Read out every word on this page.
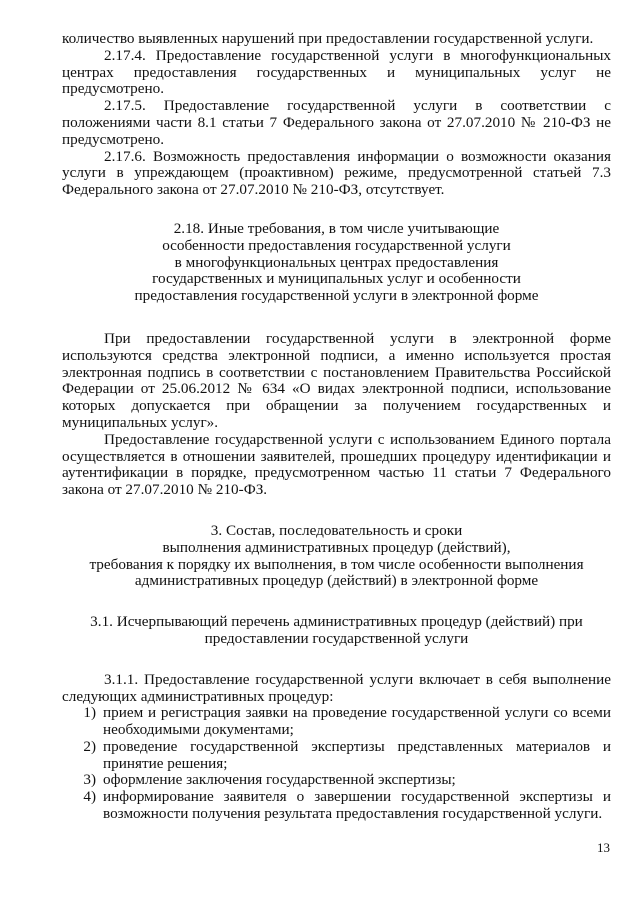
количество выявленных нарушений при предоставлении государственной услуги.

2.17.4. Предоставление государственной услуги в многофункциональных центрах предоставления государственных и муниципальных услуг не предусмотрено.

2.17.5. Предоставление государственной услуги в соответствии с положениями части 8.1 статьи 7 Федерального закона от 27.07.2010 № 210-ФЗ не предусмотрено.

2.17.6. Возможность предоставления информации о возможности оказания услуги в упреждающем (проактивном) режиме, предусмотренной статьей 7.3 Федерального закона от 27.07.2010 № 210-ФЗ, отсутствует.

2.18. Иные требования, в том числе учитывающие
особенности предоставления государственной услуги
в многофункциональных центрах предоставления
государственных и муниципальных услуг и особенности
предоставления государственной услуги в электронной форме

При предоставлении государственной услуги в электронной форме используются средства электронной подписи, а именно используется простая электронная подпись в соответствии с постановлением Правительства Российской Федерации от 25.06.2012 № 634 «О видах электронной подписи, использование которых допускается при обращении за получением государственных и муниципальных услуг».

Предоставление государственной услуги с использованием Единого портала осуществляется в отношении заявителей, прошедших процедуру идентификации и аутентификации в порядке, предусмотренном частью 11 статьи 7 Федерального закона от 27.07.2010 № 210-ФЗ.

3. Состав, последовательность и сроки
выполнения административных процедур (действий),
требования к порядку их выполнения, в том числе особенности выполнения
административных процедур (действий) в электронной форме
3.1. Исчерпывающий перечень административных процедур (действий) при
предоставлении государственной услуги

3.1.1. Предоставление государственной услуги включает в себя выполнение следующих административных процедур:

1) прием и регистрация заявки на проведение государственной услуги со всеми необходимыми документами;
2) проведение государственной экспертизы представленных материалов и принятие решения;
3) оформление заключения государственной экспертизы;
4) информирование заявителя о завершении государственной экспертизы и возможности получения результата предоставления государственной услуги.
13
